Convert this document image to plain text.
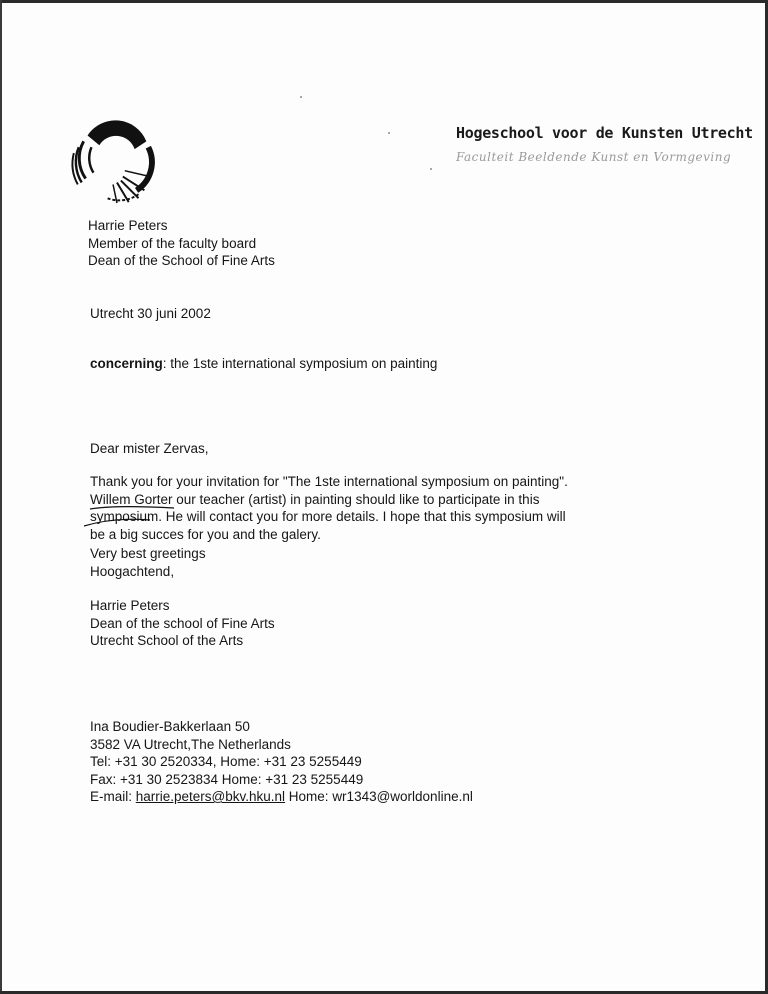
Hogeschool voor de Kunsten Utrecht
Faculteit Beeldende Kunst en Vormgeving
Harrie Peters
Member of the faculty board
Dean of the School of Fine Arts
Utrecht 30 juni 2002
concerning: the 1ste international symposium on painting
Dear mister Zervas,
Thank you for your invitation for "The 1ste international symposium on painting".
Willem Gorter our teacher (artist) in painting should like to participate in this
symposium. He will contact you for more details. I hope that this symposium will
be a big succes for you and the galery.
Very best greetings
Hoogachtend,
Harrie Peters
Dean of the school of Fine Arts
Utrecht School of the Arts
Ina Boudier-Bakkerlaan 50
3582 VA Utrecht,The Netherlands
Tel: +31 30 2520334, Home: +31 23 5255449
Fax: +31 30 2523834 Home: +31 23 5255449
E-mail: harrie.peters@bkv.hku.nl Home: wr1343@worldonline.nl
